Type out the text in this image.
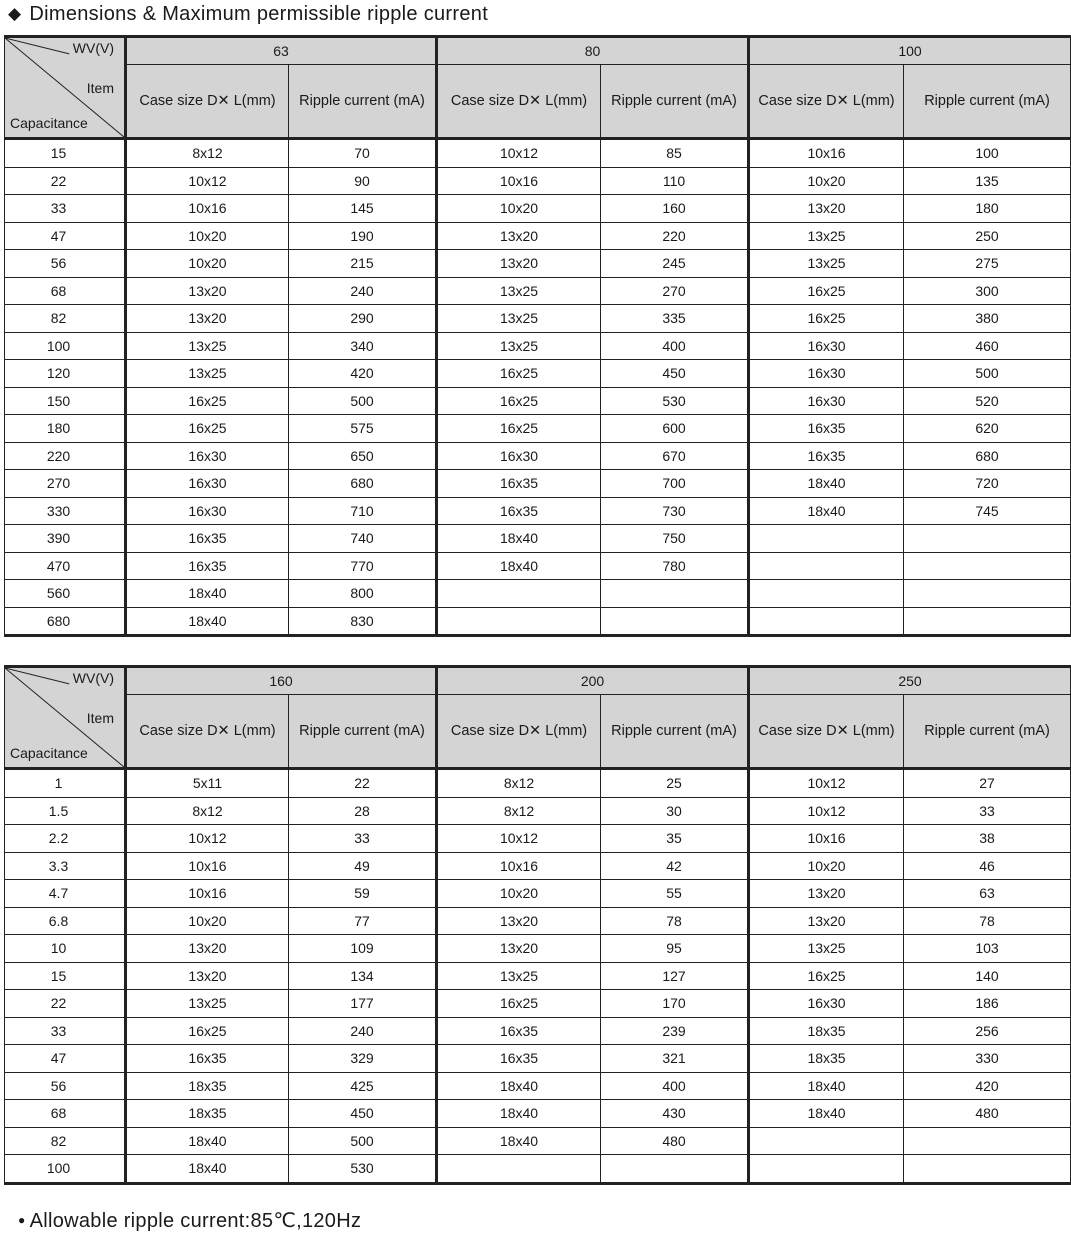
◆ Dimensions & Maximum permissible ripple current
WV(V)
Item
Capacitance	63		80		100	
	Case size D✕ L(mm)	Ripple current (mA)	Case size D✕ L(mm)	Ripple current (mA)	Case size D✕ L(mm)	Ripple current (mA)
15	8x12	70	10x12	85	10x16	100
22	10x12	90	10x16	110	10x20	135
33	10x16	145	10x20	160	13x20	180
47	10x20	190	13x20	220	13x25	250
56	10x20	215	13x20	245	13x25	275
68	13x20	240	13x25	270	16x25	300
82	13x20	290	13x25	335	16x25	380
100	13x25	340	13x25	400	16x30	460
120	13x25	420	16x25	450	16x30	500
150	16x25	500	16x25	530	16x30	520
180	16x25	575	16x25	600	16x35	620
220	16x30	650	16x30	670	16x35	680
270	16x30	680	16x35	700	18x40	720
330	16x30	710	16x35	730	18x40	745
390	16x35	740	18x40	750		
470	16x35	770	18x40	780		
560	18x40	800				
680	18x40	830				
WV(V)
Item
Capacitance	160		200		250	
	Case size D✕ L(mm)	Ripple current (mA)	Case size D✕ L(mm)	Ripple current (mA)	Case size D✕ L(mm)	Ripple current (mA)
1	5x11	22	8x12	25	10x12	27
1.5	8x12	28	8x12	30	10x12	33
2.2	10x12	33	10x12	35	10x16	38
3.3	10x16	49	10x16	42	10x20	46
4.7	10x16	59	10x20	55	13x20	63
6.8	10x20	77	13x20	78	13x20	78
10	13x20	109	13x20	95	13x25	103
15	13x20	134	13x25	127	16x25	140
22	13x25	177	16x25	170	16x30	186
33	16x25	240	16x35	239	18x35	256
47	16x35	329	16x35	321	18x35	330
56	18x35	425	18x40	400	18x40	420
68	18x35	450	18x40	430	18x40	480
82	18x40	500	18x40	480		
100	18x40	530				
● Allowable ripple current:85℃,120Hz
